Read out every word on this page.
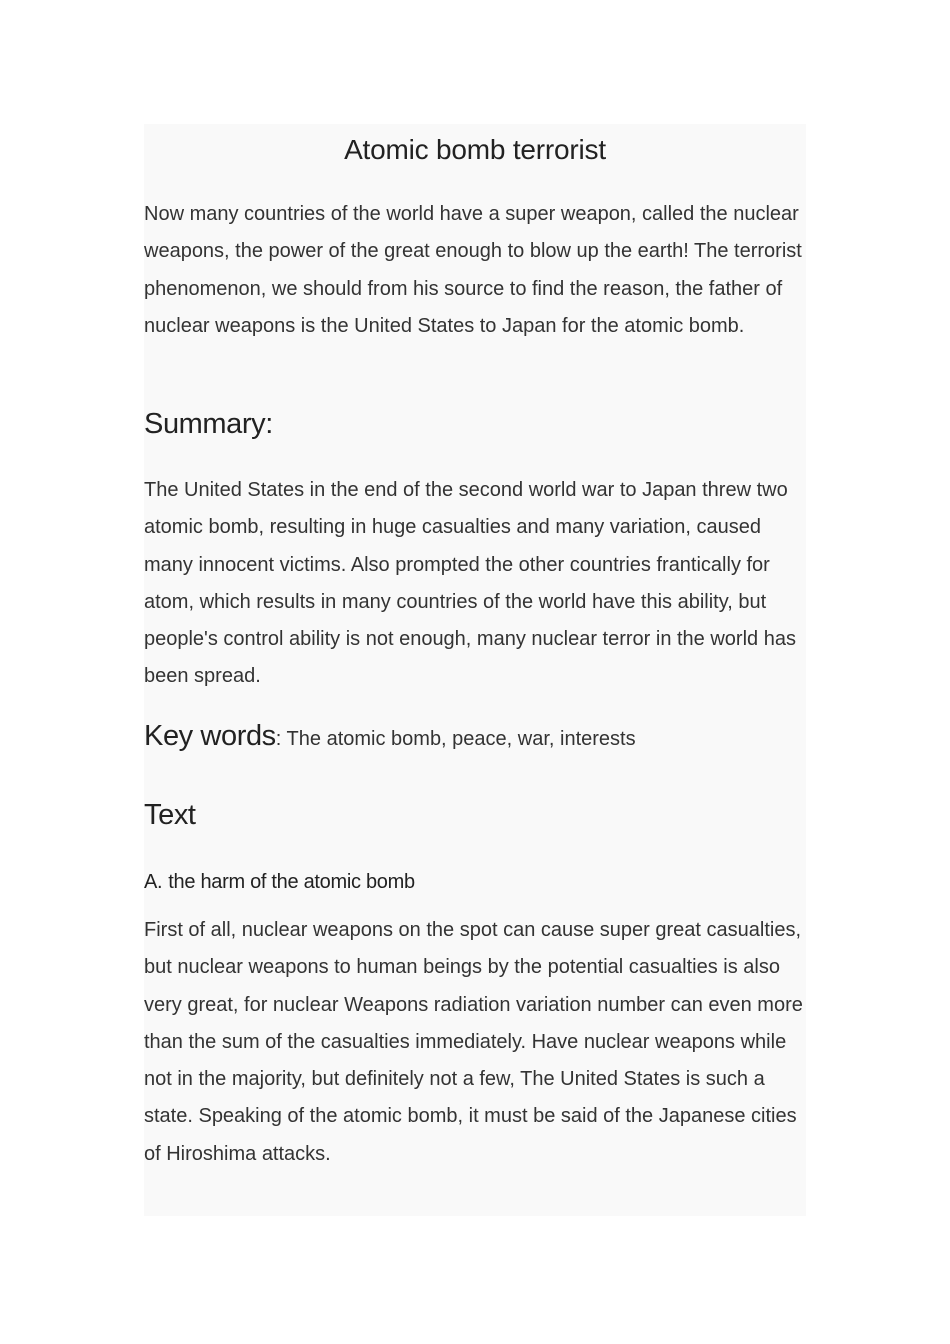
Atomic bomb terrorist

Now many countries of the world have a super weapon, called the nuclear weapons, the power of the great enough to blow up the earth! The terrorist phenomenon, we should from his source to find the reason, the father of nuclear weapons is the United States to Japan for the atomic bomb.

Summary:

The United States in the end of the second world war to Japan threw two atomic bomb, resulting in huge casualties and many variation, caused many innocent victims. Also prompted the other countries frantically for atom, which results in many countries of the world have this ability, but people's control ability is not enough, many nuclear terror in the world has been spread.

Key words: The atomic bomb, peace, war, interests

Text
A. the harm of the atomic bomb

First of all, nuclear weapons on the spot can cause super great casualties, but nuclear weapons to human beings by the potential casualties is also very great, for nuclear Weapons radiation variation number can even more than the sum of the casualties immediately. Have nuclear weapons while not in the majority, but definitely not a few, The United States is such a state. Speaking of the atomic bomb, it must be said of the Japanese cities of Hiroshima attacks.
